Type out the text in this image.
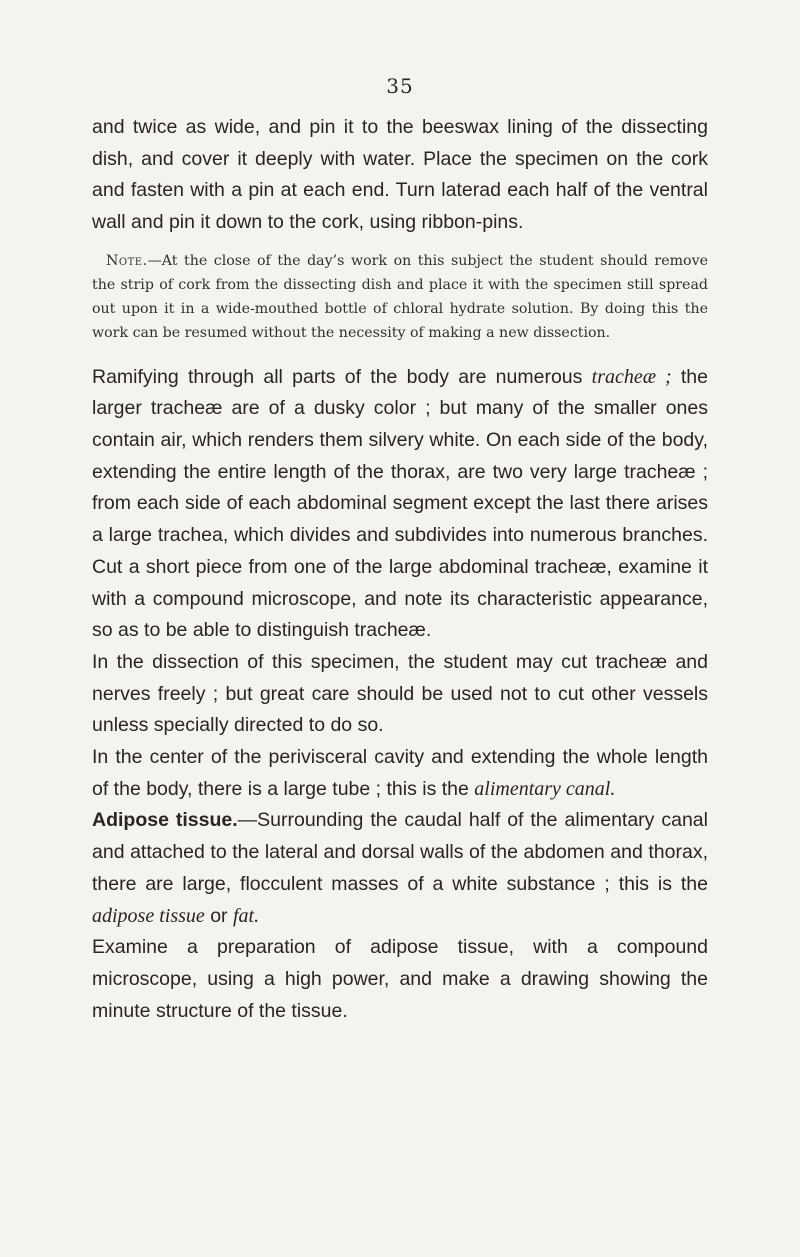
35

and twice as wide, and pin it to the beeswax lining of the dissecting dish, and cover it deeply with water. Place the specimen on the cork and fasten with a pin at each end. Turn laterad each half of the ventral wall and pin it down to the cork, using ribbon-pins.

Note.—At the close of the day’s work on this subject the student should remove the strip of cork from the dissecting dish and place it with the specimen still spread out upon it in a wide-mouthed bottle of chloral hydrate solution. By doing this the work can be resumed without the necessity of making a new dissection.

Ramifying through all parts of the body are numerous tracheæ ; the larger tracheæ are of a dusky color ; but many of the smaller ones contain air, which renders them silvery white. On each side of the body, extending the entire length of the thorax, are two very large tracheæ ; from each side of each abdominal segment except the last there arises a large trachea, which divides and subdivides into numerous branches. Cut a short piece from one of the large abdominal tracheæ, examine it with a compound microscope, and note its characteristic appearance, so as to be able to distinguish tracheæ.

In the dissection of this specimen, the student may cut tracheæ and nerves freely ; but great care should be used not to cut other vessels unless specially directed to do so.

In the center of the perivisceral cavity and extending the whole length of the body, there is a large tube ; this is the alimentary canal.

Adipose tissue.—Surrounding the caudal half of the alimentary canal and attached to the lateral and dorsal walls of the abdomen and thorax, there are large, flocculent masses of a white substance ; this is the adipose tissue or fat.

Examine a preparation of adipose tissue, with a compound microscope, using a high power, and make a drawing showing the minute structure of the tissue.
